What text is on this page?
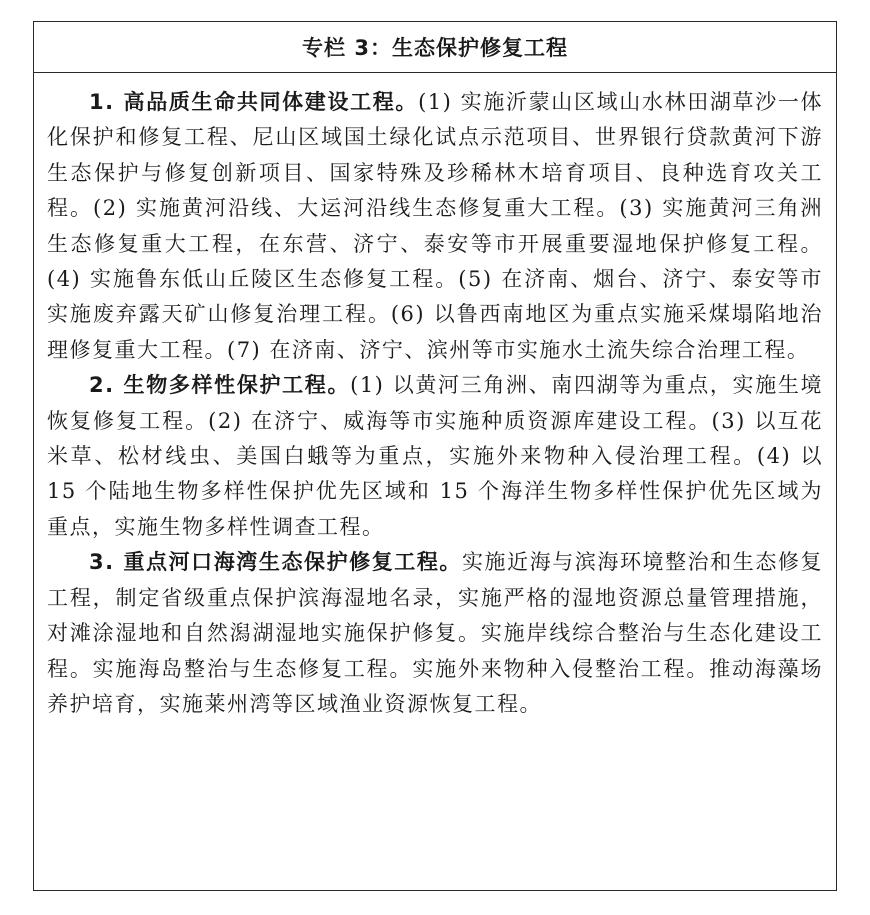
专栏 3：生态保护修复工程

1. 高品质生命共同体建设工程。(1) 实施沂蒙山区域山水林田湖草沙一体化保护和修复工程、尼山区域国土绿化试点示范项目、世界银行贷款黄河下游生态保护与修复创新项目、国家特殊及珍稀林木培育项目、良种选育攻关工程。(2) 实施黄河沿线、大运河沿线生态修复重大工程。(3) 实施黄河三角洲生态修复重大工程，在东营、济宁、泰安等市开展重要湿地保护修复工程。(4) 实施鲁东低山丘陵区生态修复工程。(5) 在济南、烟台、济宁、泰安等市实施废弃露天矿山修复治理工程。(6) 以鲁西南地区为重点实施采煤塌陷地治理修复重大工程。(7) 在济南、济宁、滨州等市实施水土流失综合治理工程。

2. 生物多样性保护工程。(1) 以黄河三角洲、南四湖等为重点，实施生境恢复修复工程。(2) 在济宁、威海等市实施种质资源库建设工程。(3) 以互花米草、松材线虫、美国白蛾等为重点，实施外来物种入侵治理工程。(4) 以 15 个陆地生物多样性保护优先区域和 15 个海洋生物多样性保护优先区域为重点，实施生物多样性调查工程。

3. 重点河口海湾生态保护修复工程。实施近海与滨海环境整治和生态修复工程，制定省级重点保护滨海湿地名录，实施严格的湿地资源总量管理措施，对滩涂湿地和自然潟湖湿地实施保护修复。实施岸线综合整治与生态化建设工程。实施海岛整治与生态修复工程。实施外来物种入侵整治工程。推动海藻场养护培育，实施莱州湾等区域渔业资源恢复工程。
